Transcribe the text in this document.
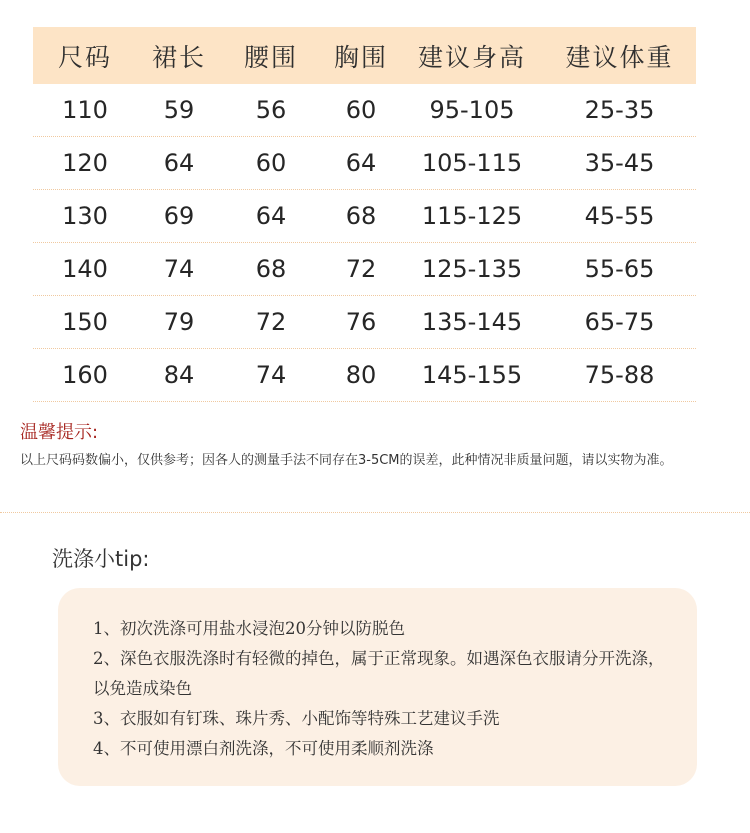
尺码	裙长	腰围	胸围	建议身高	建议体重
110	59	56	60	95-105	25-35
120	64	60	64	105-115	35-45
130	69	64	68	115-125	45-55
140	74	68	72	125-135	55-65
150	79	72	76	135-145	65-75
160	84	74	80	145-155	75-88
温馨提示:
以上尺码码数偏小，仅供参考；因各人的测量手法不同存在3-5CM的误差，此种情况非质量问题，请以实物为准。
洗涤小tip:
1、初次洗涤可用盐水浸泡20分钟以防脱色
2、深色衣服洗涤时有轻微的掉色，属于正常现象。如遇深色衣服请分开洗涤，以免造成染色
3、衣服如有钉珠、珠片秀、小配饰等特殊工艺建议手洗
4、不可使用漂白剂洗涤，不可使用柔顺剂洗涤
